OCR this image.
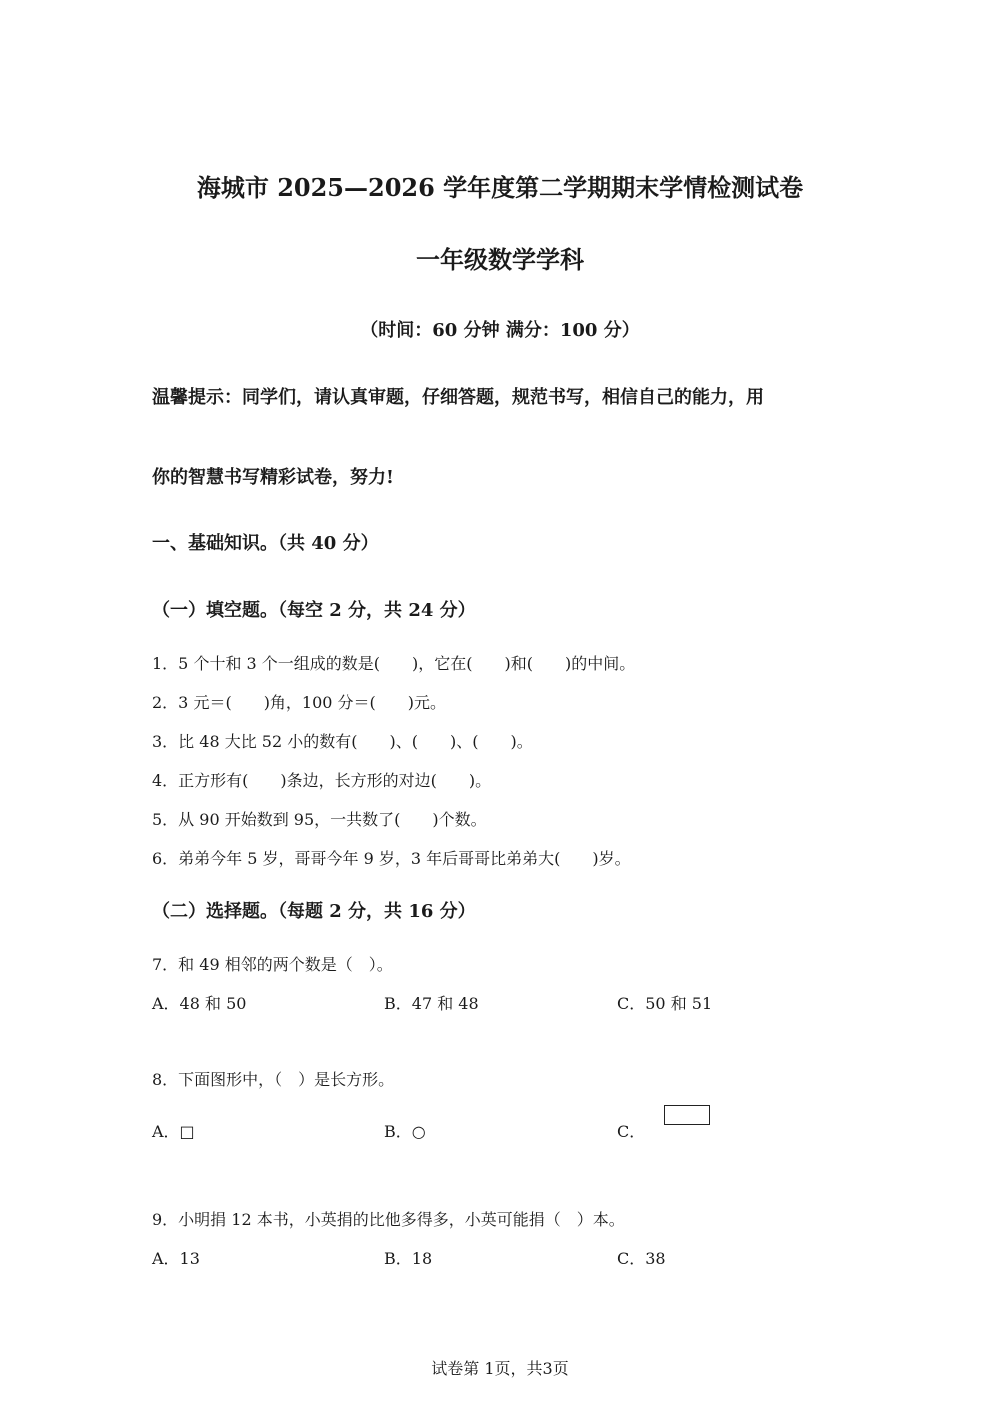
海城市 2025—2026 学年度第二学期期末学情检测试卷
一年级数学学科
（时间：60 分钟 满分：100 分）
温馨提示：同学们，请认真审题，仔细答题，规范书写，相信自己的能力，用
你的智慧书写精彩试卷，努力!
一、基础知识。（共 40 分）
（一）填空题。（每空 2 分，共 24 分）
1．5 个十和 3 个一组成的数是(　　)，它在(　　)和(　　)的中间。
2．3 元＝(　　)角，100 分＝(　　)元。
3．比 48 大比 52 小的数有(　　)、(　　)、(　　)。
4．正方形有(　　)条边，长方形的对边(　　)。
5．从 90 开始数到 95，一共数了(　　)个数。
6．弟弟今年 5 岁，哥哥今年 9 岁，3 年后哥哥比弟弟大(　　)岁。
（二）选择题。（每题 2 分，共 16 分）
7．和 49 相邻的两个数是（　）。
A．48 和 50	B．47 和 48	C．50 和 51
8．下面图形中，（　）是长方形。
A．□	B．○	C．
9．小明捐 12 本书，小英捐的比他多得多，小英可能捐（　）本。
A．13	B．18	C．38
试卷第 1页，共3页
